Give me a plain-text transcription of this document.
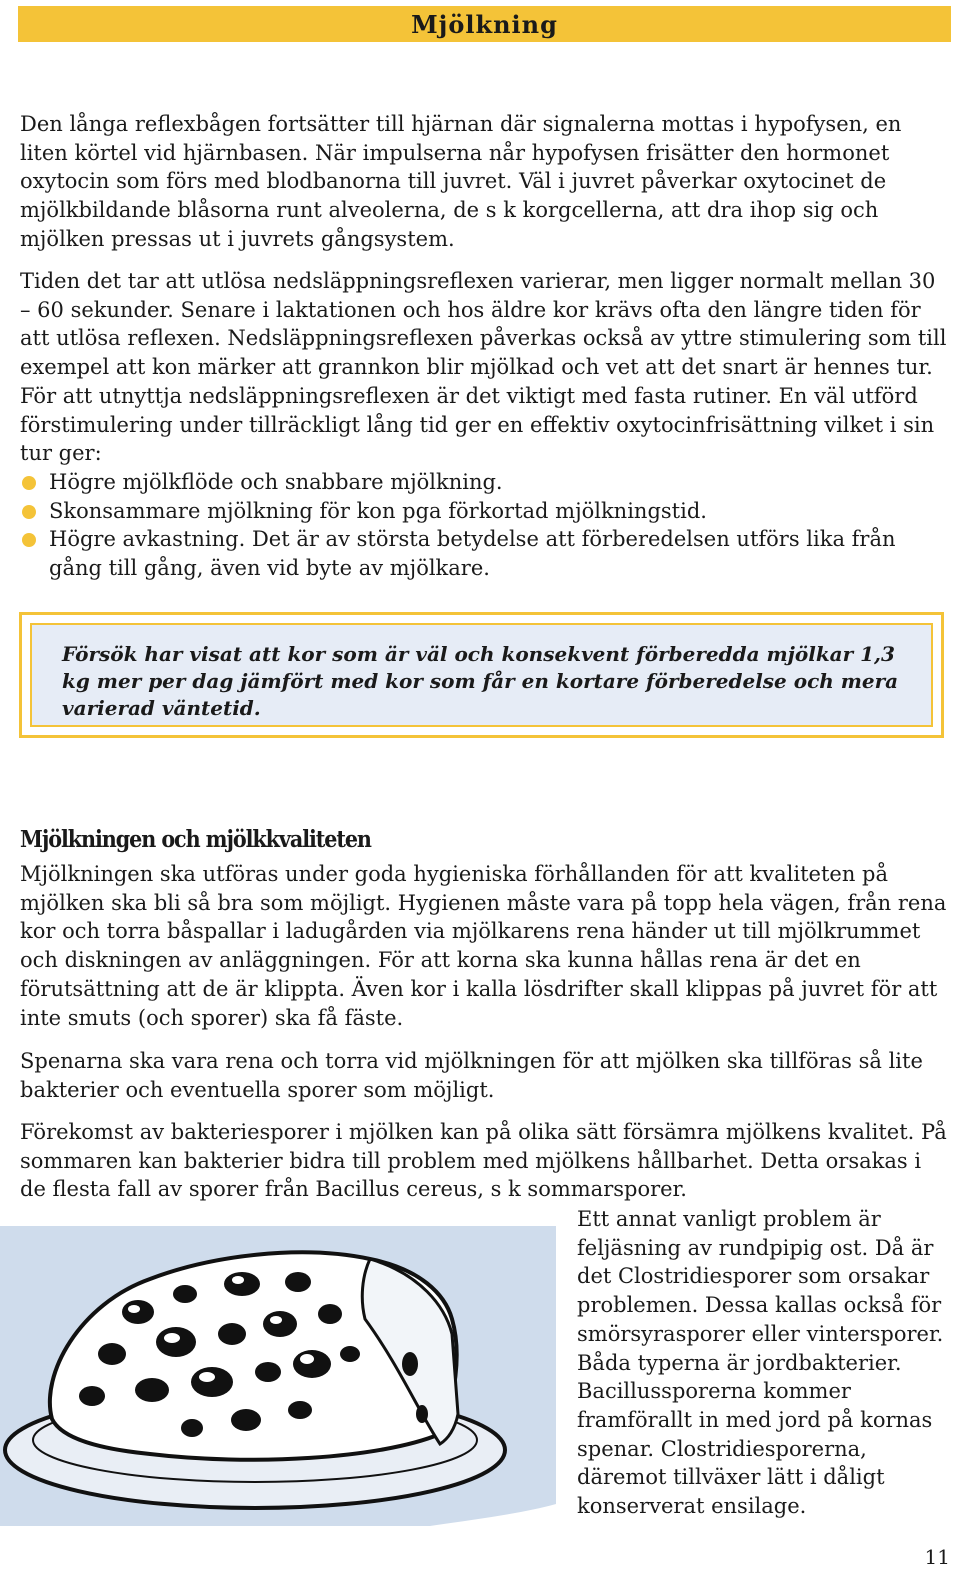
Mjölkning

Den långa reflexbågen fortsätter till hjärnan där signalerna mottas i hypofysen, en liten körtel vid hjärnbasen. När impulserna når hypofysen frisätter den hormonet oxytocin som förs med blodbanorna till juvret. Väl i juvret påverkar oxytocinet de mjölkbildande blåsorna runt alveolerna, de s k korgcellerna, att dra ihop sig och mjölken pressas ut i juvrets gångsystem.

Tiden det tar att utlösa nedsläppningsreflexen varierar, men ligger normalt mellan 30 – 60 sekunder. Senare i laktationen och hos äldre kor krävs ofta den längre tiden för att utlösa reflexen. Nedsläppningsreflexen påverkas också av yttre stimulering som till exempel att kon märker att grannkon blir mjölkad och vet att det snart är hennes tur. För att utnyttja nedsläppningsreflexen är det viktigt med fasta rutiner. En väl utförd förstimulering under tillräckligt lång tid ger en effektiv oxytocinfrisättning vilket i sin tur ger:

Högre mjölkflöde och snabbare mjölkning.
Skonsammare mjölkning för kon pga förkortad mjölkningstid.
Högre avkastning. Det är av största betydelse att förberedelsen utförs lika från gång till gång, även vid byte av mjölkare.

Försök har visat att kor som är väl och konsekvent förberedda mjölkar 1,3 kg mer per dag jämfört med kor som får en kortare förberedelse och mera varierad väntetid.

Mjölkningen och mjölkkvaliteten

Mjölkningen ska utföras under goda hygieniska förhållanden för att kvaliteten på mjölken ska bli så bra som möjligt. Hygienen måste vara på topp hela vägen, från rena kor och torra båspallar i ladugården via mjölkarens rena händer ut till mjölkrummet och diskningen av anläggningen. För att korna ska kunna hållas rena är det en förutsättning att de är klippta. Även kor i kalla lösdrifter skall klippas på juvret för att inte smuts (och sporer) ska få fäste.

Spenarna ska vara rena och torra vid mjölkningen för att mjölken ska tillföras så lite bakterier och eventuella sporer som möjligt.

Förekomst av bakteriesporer i mjölken kan på olika sätt försämra mjölkens kvalitet. På sommaren kan bakterier bidra till problem med mjölkens hållbarhet. Detta orsakas i de flesta fall av sporer från Bacillus cereus, s k sommarsporer.

Ett annat vanligt problem är feljäsning av rundpipig ost. Då är det Clostridiesporer som orsakar problemen. Dessa kallas också för smörsyrasporer eller vintersporer. Båda typerna är jordbakterier. Bacillussporerna kommer framförallt in med jord på kornas spenar. Clostridiesporerna, däremot tillväxer lätt i dåligt konserverat ensilage.

11
